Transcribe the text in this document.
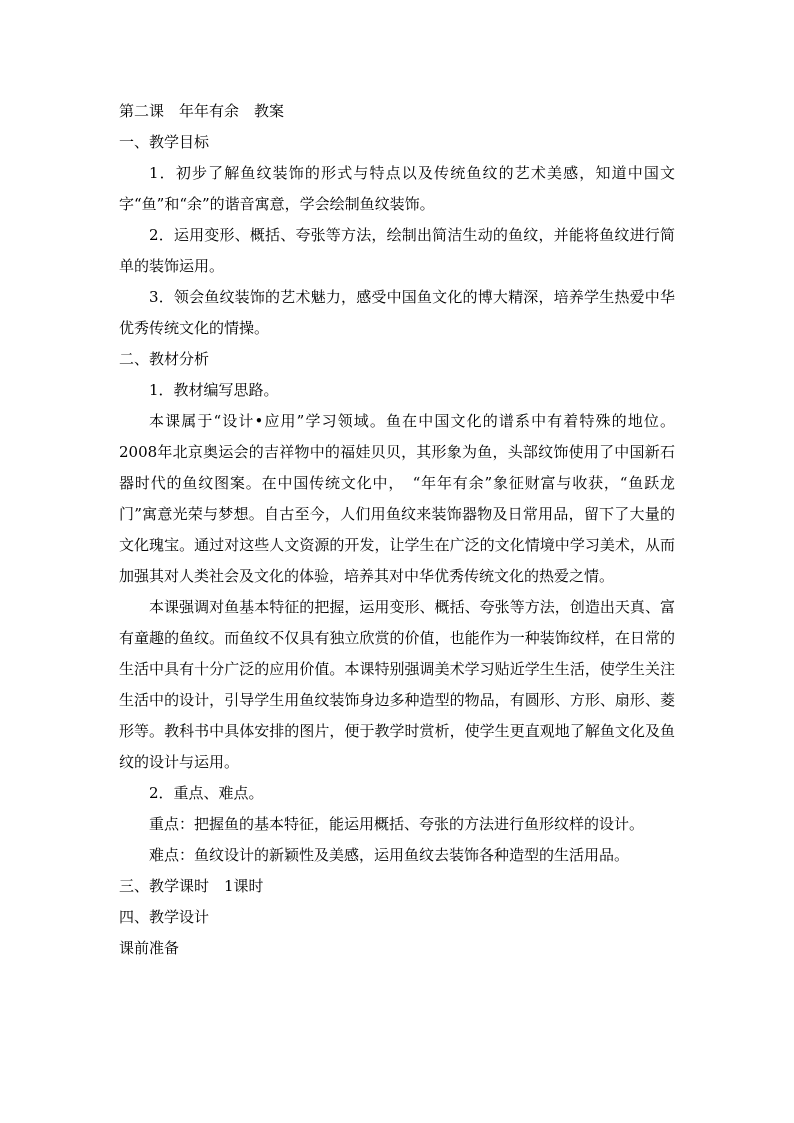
第二课　年年有余　教案

一、教学目标

1．初步了解鱼纹装饰的形式与特点以及传统鱼纹的艺术美感，知道中国文字“鱼”和“余”的谐音寓意，学会绘制鱼纹装饰。

2．运用变形、概括、夸张等方法，绘制出简洁生动的鱼纹，并能将鱼纹进行简单的装饰运用。

3．领会鱼纹装饰的艺术魅力，感受中国鱼文化的博大精深，培养学生热爱中华优秀传统文化的情操。

二、教材分析

1．教材编写思路。

本课属于“设计•应用”学习领域。鱼在中国文化的谱系中有着特殊的地位。2008年北京奥运会的吉祥物中的福娃贝贝，其形象为鱼，头部纹饰使用了中国新石器时代的鱼纹图案。在中国传统文化中，　“年年有余”象征财富与收获，“鱼跃龙门”寓意光荣与梦想。自古至今，人们用鱼纹来装饰器物及日常用品，留下了大量的文化瑰宝。通过对这些人文资源的开发，让学生在广泛的文化情境中学习美术，从而加强其对人类社会及文化的体验，培养其对中华优秀传统文化的热爱之情。

本课强调对鱼基本特征的把握，运用变形、概括、夸张等方法，创造出天真、富有童趣的鱼纹。而鱼纹不仅具有独立欣赏的价值，也能作为一种装饰纹样，在日常的生活中具有十分广泛的应用价值。本课特别强调美术学习贴近学生生活，使学生关注生活中的设计，引导学生用鱼纹装饰身边多种造型的物品，有圆形、方形、扇形、菱形等。教科书中具体安排的图片，便于教学时赏析，使学生更直观地了解鱼文化及鱼纹的设计与运用。

2．重点、难点。

重点：把握鱼的基本特征，能运用概括、夸张的方法进行鱼形纹样的设计。

难点：鱼纹设计的新颖性及美感，运用鱼纹去装饰各种造型的生活用品。

三、教学课时　1课时

四、教学设计

课前准备
